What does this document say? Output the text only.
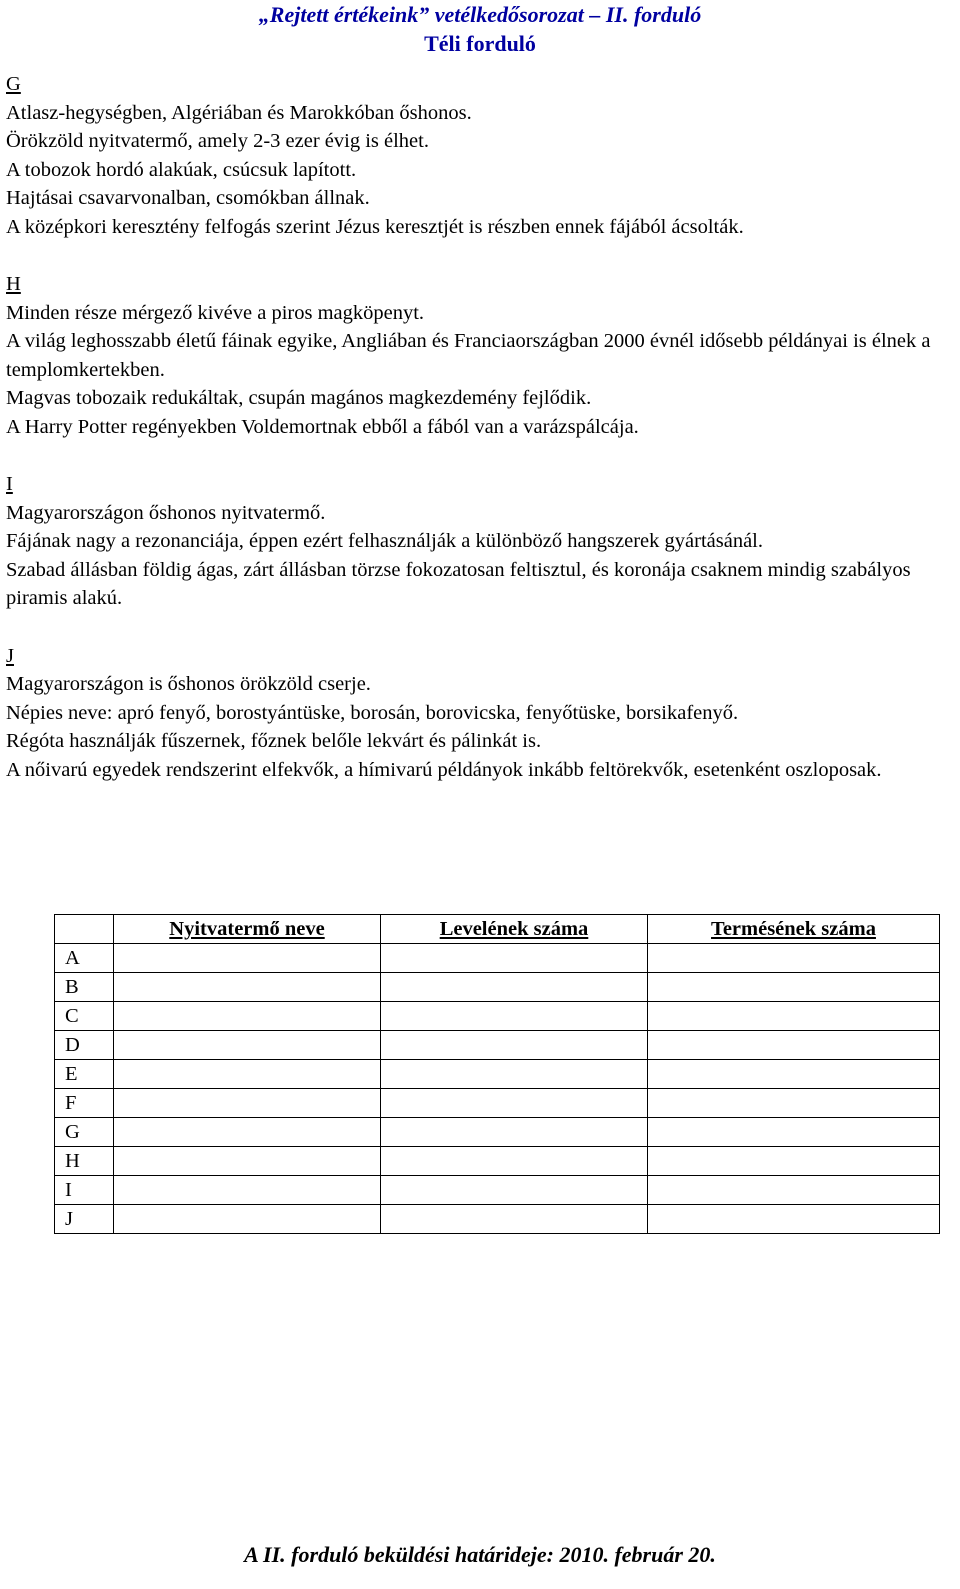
„Rejtett értékeink” vetélkedősorozat – II. forduló
Téli forduló
G
Atlasz-hegységben, Algériában és Marokkóban őshonos.
Örökzöld nyitvatermő, amely 2-3 ezer évig is élhet.
A tobozok hordó alakúak, csúcsuk lapított.
Hajtásai csavarvonalban, csomókban állnak.
A középkori keresztény felfogás szerint Jézus keresztjét is részben ennek fájából ácsolták.
H
Minden része mérgező kivéve a piros magköpenyt.
A világ leghosszabb életű fáinak egyike, Angliában és Franciaországban 2000 évnél idősebb példányai is élnek a templomkertekben.
Magvas tobozaik redukáltak, csupán magános magkezdemény fejlődik.
A Harry Potter regényekben Voldemortnak ebből a fából van a varázspálcája.
I
Magyarországon őshonos nyitvatermő.
Fájának nagy a rezonanciája, éppen ezért felhasználják a különböző hangszerek gyártásánál.
Szabad állásban földig ágas, zárt állásban törzse fokozatosan feltisztul, és koronája csaknem mindig szabályos piramis alakú.
J
Magyarországon is őshonos örökzöld cserje.
Népies neve: apró fenyő, borostyántüske, borosán, borovicska, fenyőtüske, borsikafenyő.
Régóta használják fűszernek, főznek belőle lekvárt és pálinkát is.
A nőivarú egyedek rendszerint elfekvők, a hímivarú példányok inkább feltörekvők, esetenként oszloposak.
	Nyitvatermő neve	Levelének száma	Termésének száma
A			
B			
C			
D			
E			
F			
G			
H			
I			
J			
A II. forduló beküldési határideje: 2010. február 20.
